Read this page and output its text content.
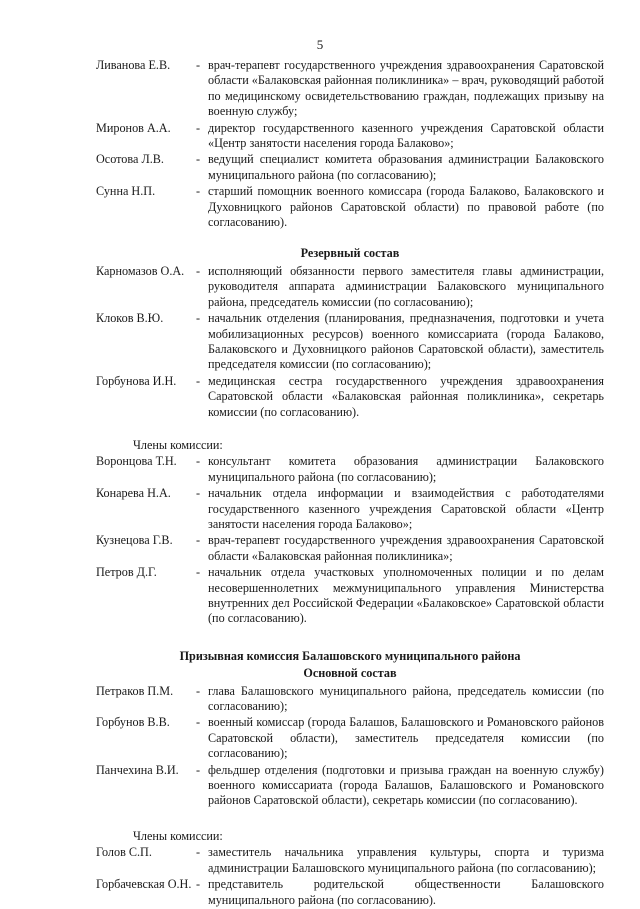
5
Ливанова Е.В.	- врач-терапевт государственного учреждения здравоохранения Саратовской области «Балаковская районная поликлиника» – врач, руководящий работой по медицинскому освидетельствованию граждан, подлежащих призыву на военную службу;
Миронов А.А.	- директор государственного казенного учреждения Саратовской области «Центр занятости населения города Балаково»;
Осотова Л.В.	- ведущий специалист комитета образования администрации Балаковского муниципального района (по согласованию);
Сунна Н.П.	- старший помощник военного комиссара (города Балаково, Балаковского и Духовницкого районов Саратовской области) по правовой работе (по согласованию).
Резервный состав
Карномазов О.А. - исполняющий обязанности первого заместителя главы администрации, руководителя аппарата администрации Балаковского муниципального района, председатель комиссии (по согласованию);
Клоков В.Ю.	- начальник отделения (планирования, предназначения, подготовки и учета мобилизационных ресурсов) военного комиссариата (города Балаково, Балаковского и Духовницкого районов Саратовской области), заместитель председателя комиссии (по согласованию);
Горбунова И.Н.	- медицинская сестра государственного учреждения здравоохранения Саратовской области «Балаковская районная поликлиника», секретарь комиссии (по согласованию).
Члены комиссии:
Воронцова Т.Н.	- консультант комитета образования администрации Балаковского муниципального района (по согласованию);
Конарева Н.А.	- начальник отдела информации и взаимодействия с работодателями государственного казенного учреждения Саратовской области «Центр занятости населения города Балаково»;
Кузнецова Г.В.	- врач-терапевт государственного учреждения здравоохранения Саратовской области «Балаковская районная поликлиника»;
Петров Д.Г.	- начальник отдела участковых уполномоченных полиции и по делам несовершеннолетних межмуниципального управления Министерства внутренних дел Российской Федерации «Балаковское» Саратовской области (по согласованию).
Призывная комиссия Балашовского муниципального района
Основной состав
Петраков П.М.	- глава Балашовского муниципального района, председатель комиссии (по согласованию);
Горбунов В.В.	- военный комиссар (города Балашов, Балашовского и Романовского районов Саратовской области), заместитель председателя комиссии (по согласованию);
Панчехина В.И.	- фельдшер отделения (подготовки и призыва граждан на военную службу) военного комиссариата (города Балашов, Балашовского и Романовского районов Саратовской области), секретарь комиссии (по согласованию).
Члены комиссии:
Голов С.П.	- заместитель начальника управления культуры, спорта и туризма администрации Балашовского муниципального района (по согласованию);
Горбачевская О.Н. - представитель родительской общественности Балашовского муниципального района (по согласованию).
